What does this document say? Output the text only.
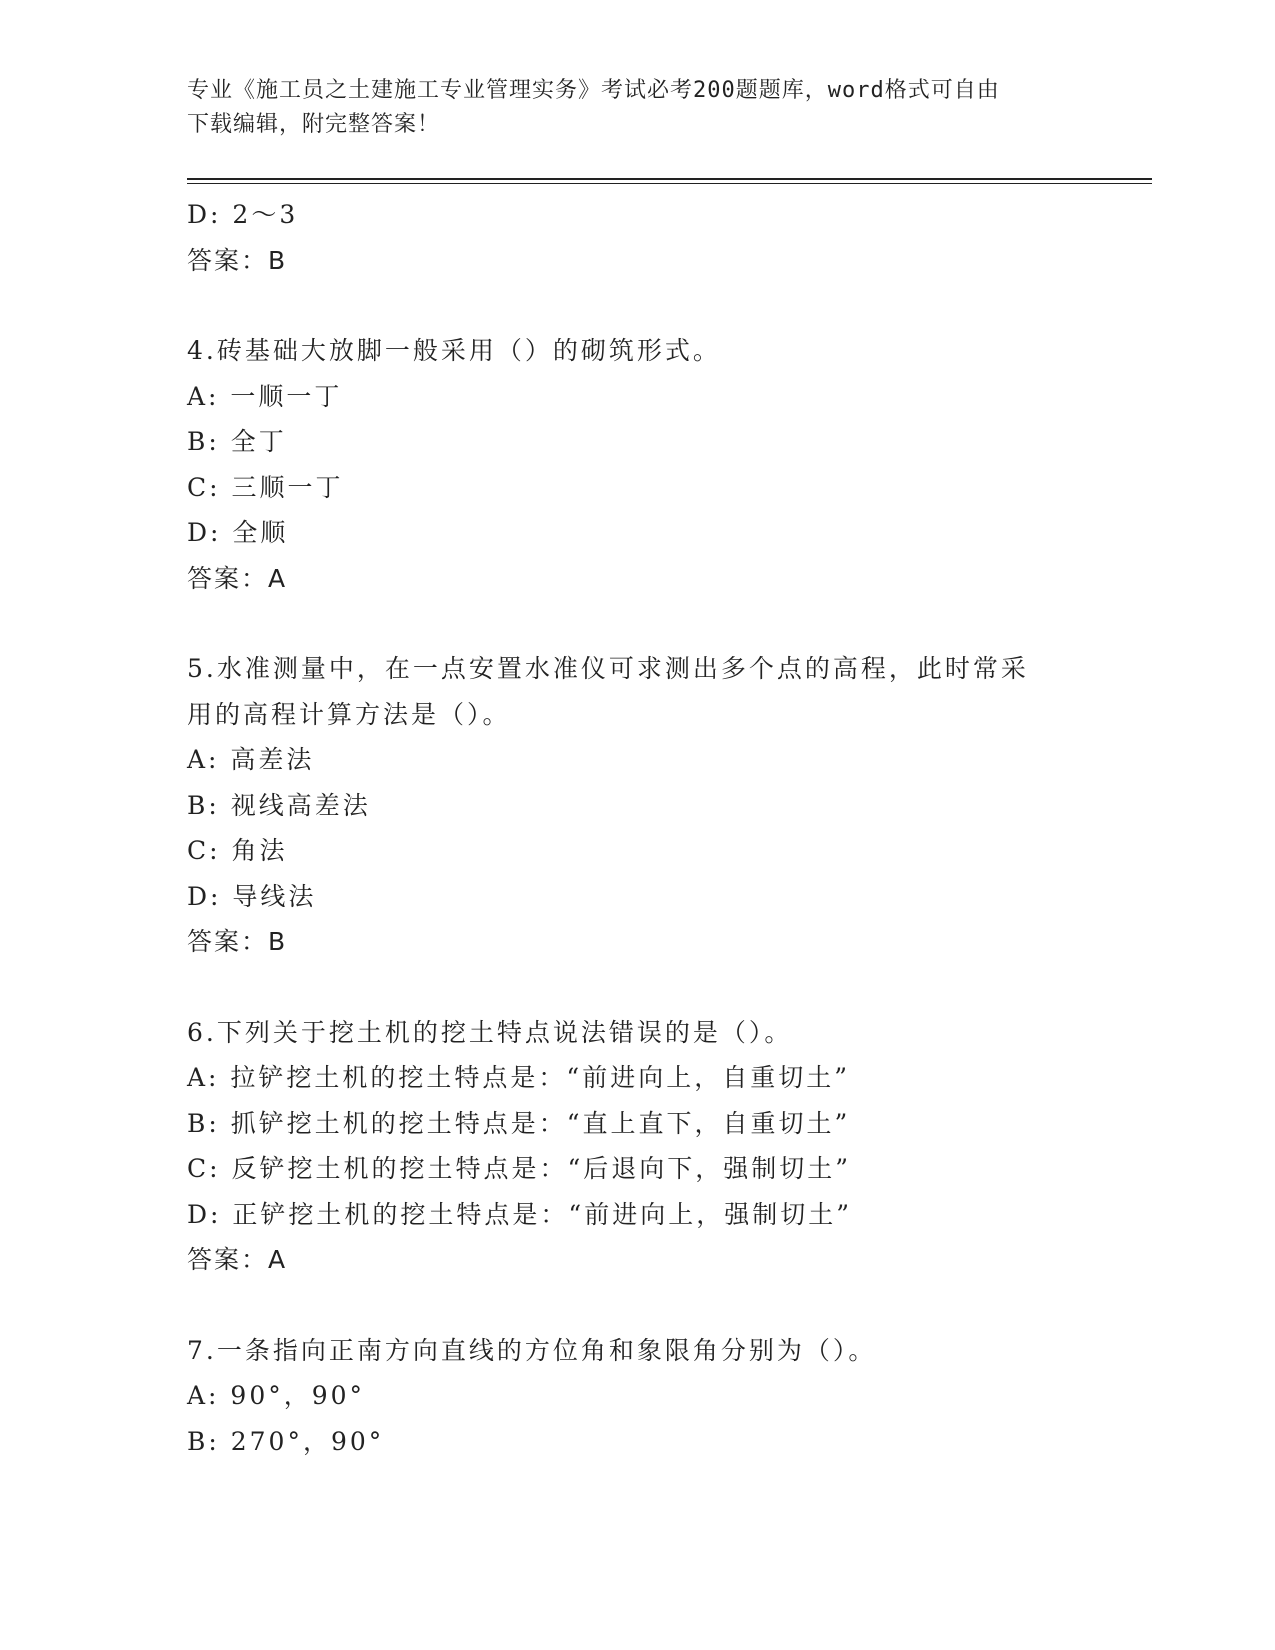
专业《施工员之土建施工专业管理实务》考试必考200题题库，word格式可自由
下载编辑，附完整答案！
D: 2～3
答案：B
4.砖基础大放脚一般采用（）的砌筑形式。
A: 一顺一丁
B: 全丁
C: 三顺一丁
D: 全顺
答案：A
5.水准测量中，在一点安置水准仪可求测出多个点的高程，此时常采
用的高程计算方法是（）。
A: 高差法
B: 视线高差法
C: 角法
D: 导线法
答案：B
6.下列关于挖土机的挖土特点说法错误的是（）。
A: 拉铲挖土机的挖土特点是：“前进向上，自重切土”
B: 抓铲挖土机的挖土特点是：“直上直下，自重切土”
C: 反铲挖土机的挖土特点是：“后退向下，强制切土”
D: 正铲挖土机的挖土特点是：“前进向上，强制切土”
答案：A
7.一条指向正南方向直线的方位角和象限角分别为（）。
A: 90°，90°
B: 270°，90°
